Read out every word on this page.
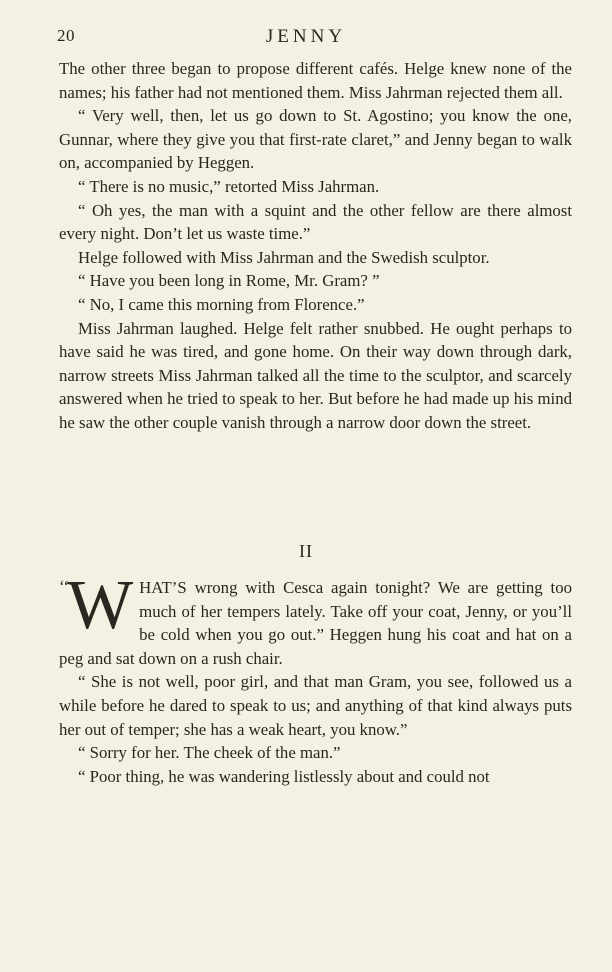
20	JENNY

The other three began to propose different cafés. Helge knew none of the names; his father had not mentioned them. Miss Jahrman rejected them all.

“ Very well, then, let us go down to St. Agostino; you know the one, Gunnar, where they give you that first-rate claret,” and Jenny began to walk on, accompanied by Heggen.

“ There is no music,” retorted Miss Jahrman.

“ Oh yes, the man with a squint and the other fellow are there almost every night. Don’t let us waste time.”

Helge followed with Miss Jahrman and the Swedish sculptor.

“ Have you been long in Rome, Mr. Gram? ”

“ No, I came this morning from Florence.”

Miss Jahrman laughed. Helge felt rather snubbed. He ought perhaps to have said he was tired, and gone home. On their way down through dark, narrow streets Miss Jahrman talked all the time to the sculptor, and scarcely answered when he tried to speak to her. But before he had made up his mind he saw the other couple vanish through a narrow door down the street.

II

‘‘W HAT’S wrong with Cesca again tonight? We are getting too much of her tempers lately. Take off your coat, Jenny, or you’ll be cold when you go out.” Heggen hung his coat and hat on a peg and sat down on a rush chair.

“ She is not well, poor girl, and that man Gram, you see, followed us a while before he dared to speak to us; and anything of that kind always puts her out of temper; she has a weak heart, you know.”

“ Sorry for her. The cheek of the man.”

“ Poor thing, he was wandering listlessly about and could not
